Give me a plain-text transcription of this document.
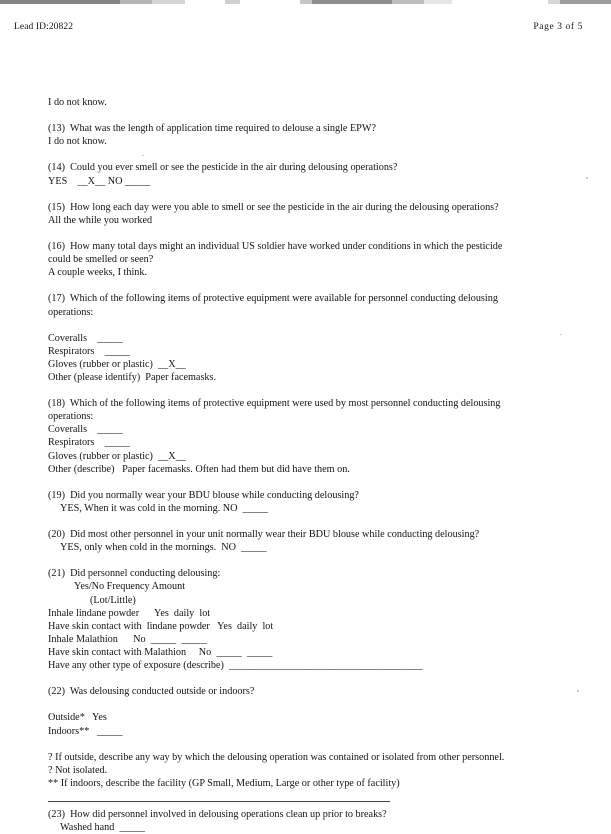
Lead ID:20822	Page 3 of 5
I do not know.
(13)  What was the length of application time required to delouse a single EPW?
I do not know.
(14)  Could you ever smell or see the pesticide in the air during delousing operations?
YES    __X__ NO _____
(15)  How long each day were you able to smell or see the pesticide in the air during the delousing operations?
All the while you worked
(16)  How many total days might an individual US soldier have worked under conditions in which the pesticide
could be smelled or seen?
A couple weeks, I think.
(17)  Which of the following items of protective equipment were available for personnel conducting delousing
operations:
Coveralls    _____
Respirators    _____
Gloves (rubber or plastic)  __X__
Other (please identify)  Paper facemasks.
(18)  Which of the following items of protective equipment were used by most personnel conducting delousing
operations:
Coveralls    _____
Respirators    _____
Gloves (rubber or plastic)  __X__
Other (describe)   Paper facemasks. Often had them but did have them on.
(19)  Did you normally wear your BDU blouse while conducting delousing?
YES, When it was cold in the morning. NO  _____
(20)  Did most other personnel in your unit normally wear their BDU blouse while conducting delousing?
YES, only when cold in the mornings.  NO  _____
(21)  Did personnel conducting delousing:
Yes/No Frequency Amount
(Lot/Little)
Inhale lindane powder      Yes  daily  lot
Have skin contact with  lindane powder   Yes  daily  lot
Inhale Malathion      No  _____  _____
Have skin contact with Malathion     No  _____  _____
Have any other type of exposure (describe)  ______________________________________
(22)  Was delousing conducted outside or indoors?
Outside*   Yes
Indoors**   _____
? If outside, describe any way by which the delousing operation was contained or isolated from other personnel.
? Not isolated.
** If indoors, describe the facility (GP Small, Medium, Large or other type of facility)
(23)  How did personnel involved in delousing operations clean up prior to breaks?
Washed hand  _____
